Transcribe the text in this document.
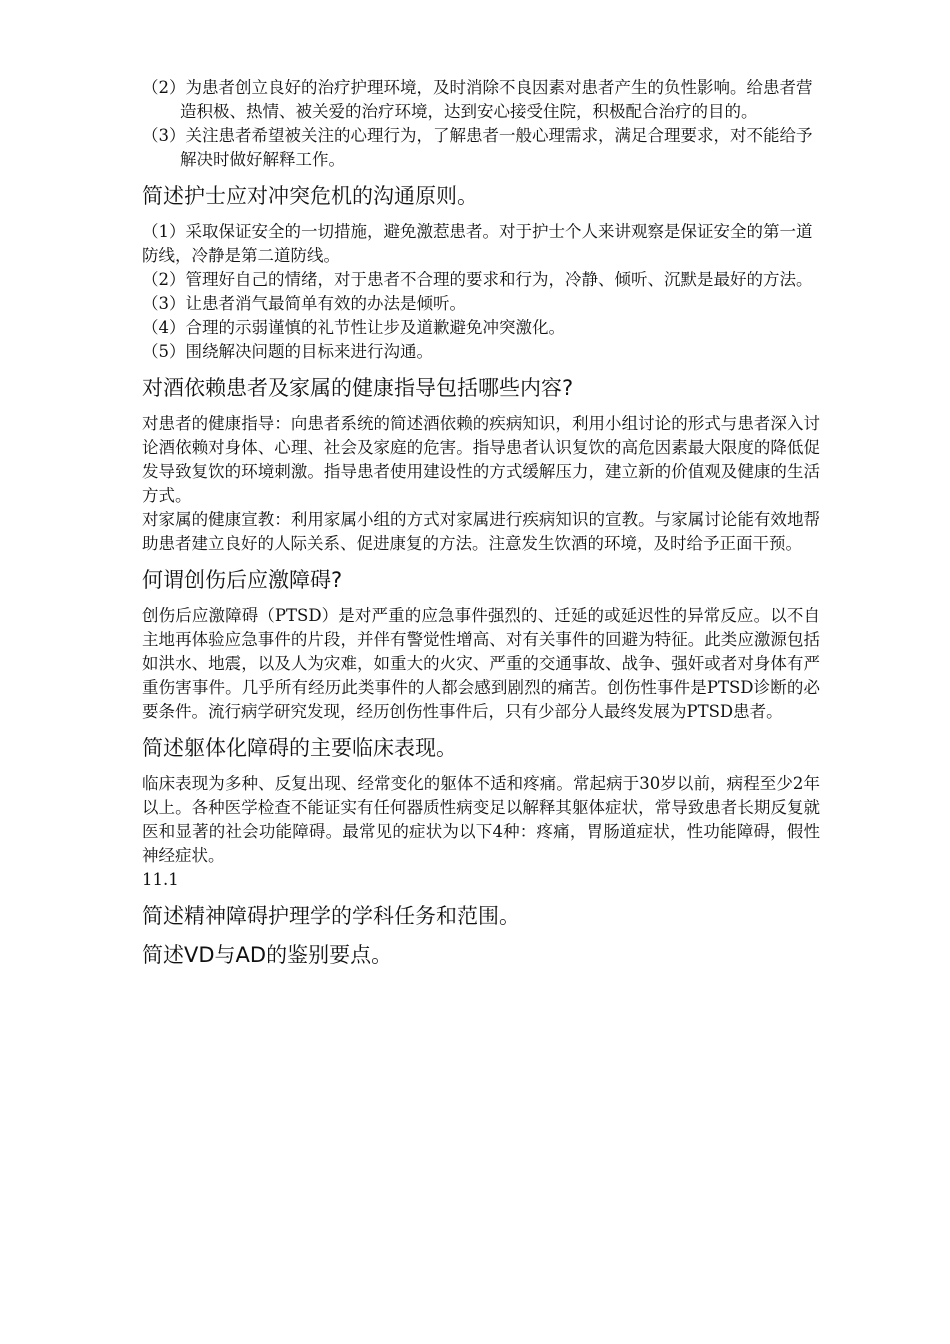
（2）为患者创立良好的治疗护理环境，及时消除不良因素对患者产生的负性影响。给患者营造积极、热情、被关爱的治疗环境，达到安心接受住院，积极配合治疗的目的。

（3）关注患者希望被关注的心理行为，了解患者一般心理需求，满足合理要求，对不能给予解决时做好解释工作。

简述护士应对冲突危机的沟通原则。

（1）采取保证安全的一切措施，避免激惹患者。对于护士个人来讲观察是保证安全的第一道防线，冷静是第二道防线。

（2）管理好自己的情绪，对于患者不合理的要求和行为，冷静、倾听、沉默是最好的方法。

（3）让患者消气最简单有效的办法是倾听。

（4）合理的示弱谨慎的礼节性让步及道歉避免冲突激化。

（5）围绕解决问题的目标来进行沟通。

对酒依赖患者及家属的健康指导包括哪些内容?

对患者的健康指导：向患者系统的简述酒依赖的疾病知识，利用小组讨论的形式与患者深入讨论酒依赖对身体、心理、社会及家庭的危害。指导患者认识复饮的高危因素最大限度的降低促发导致复饮的环境刺激。指导患者使用建设性的方式缓解压力，建立新的价值观及健康的生活方式。

对家属的健康宣教：利用家属小组的方式对家属进行疾病知识的宣教。与家属讨论能有效地帮助患者建立良好的人际关系、促进康复的方法。注意发生饮酒的环境，及时给予正面干预。

何谓创伤后应激障碍?

创伤后应激障碍（PTSD）是对严重的应急事件强烈的、迁延的或延迟性的异常反应。以不自主地再体验应急事件的片段，并伴有警觉性增高、对有关事件的回避为特征。此类应激源包括如洪水、地震，以及人为灾难，如重大的火灾、严重的交通事故、战争、强奸或者对身体有严重伤害事件。几乎所有经历此类事件的人都会感到剧烈的痛苦。创伤性事件是PTSD诊断的必要条件。流行病学研究发现，经历创伤性事件后，只有少部分人最终发展为PTSD患者。

简述躯体化障碍的主要临床表现。

临床表现为多种、反复出现、经常变化的躯体不适和疼痛。常起病于30岁以前，病程至少2年以上。各种医学检查不能证实有任何器质性病变足以解释其躯体症状，常导致患者长期反复就医和显著的社会功能障碍。最常见的症状为以下4种：疼痛，胃肠道症状，性功能障碍，假性神经症状。

11.1

简述精神障碍护理学的学科任务和范围。
简述VD与AD的鉴别要点。
